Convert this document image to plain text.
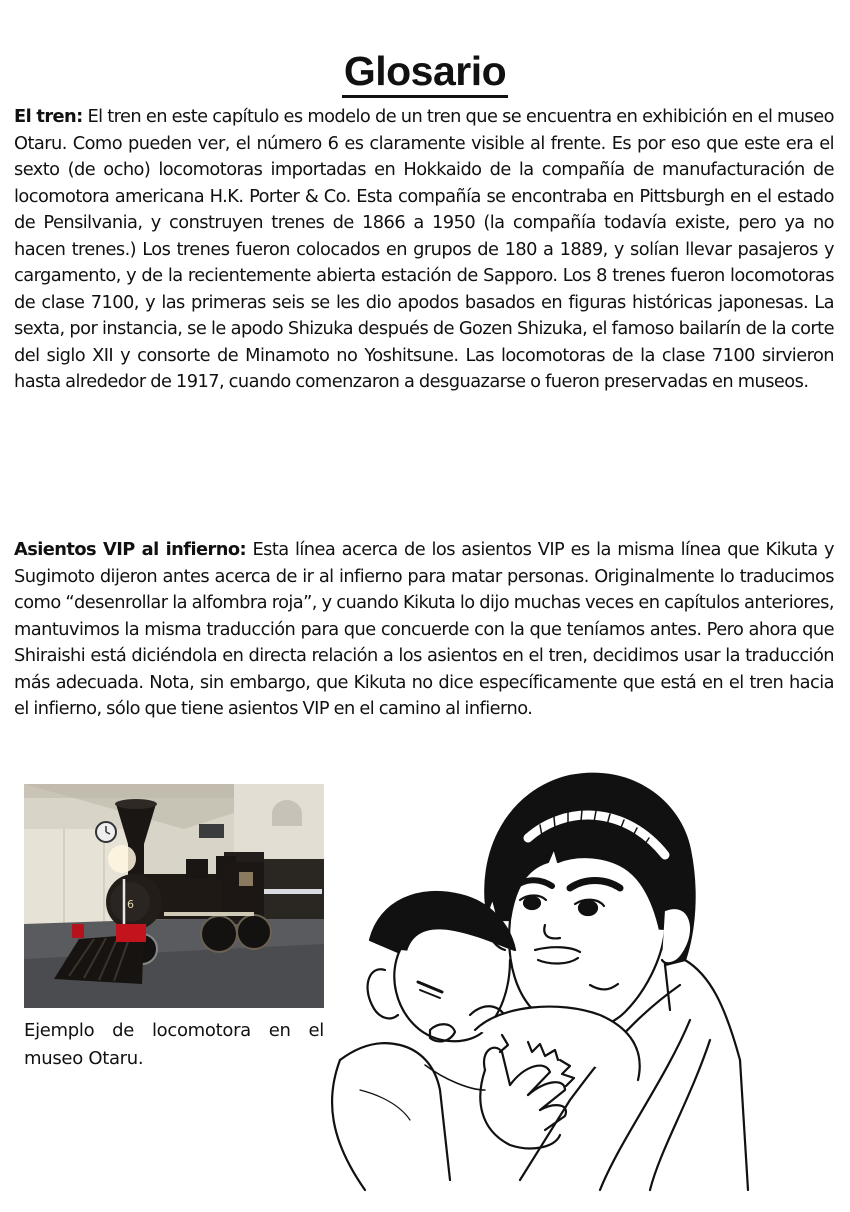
Glosario
El tren: El tren en este capítulo es modelo de un tren que se encuentra en exhibición en el museo Otaru. Como pueden ver, el número 6 es claramente visible al frente. Es por eso que este era el sexto (de ocho) locomotoras importadas en Hokkaido de la compañía de manufacturación de locomotora americana H.K. Porter & Co. Esta compañía se encontraba en Pittsburgh en el estado de Pensilvania, y construyen trenes de 1866 a 1950 (la compañía todavía existe, pero ya no hacen trenes.) Los trenes fueron colocados en grupos de 180 a 1889, y solían llevar pasajeros y cargamento, y de la recientemente abierta estación de Sapporo. Los 8 trenes fueron locomotoras de clase 7100, y las primeras seis se les dio apodos basados en figuras históricas japonesas. La sexta, por instancia, se le apodo Shizuka después de Gozen Shizuka, el famoso bailarín de la corte del siglo XII y consorte de Minamoto no Yoshitsune. Las locomotoras de la clase 7100 sirvieron hasta alrededor de 1917, cuando comenzaron a desguazarse o fueron preservadas en museos.
Asientos VIP al infierno: Esta línea acerca de los asientos VIP es la misma línea que Kikuta y Sugimoto dijeron antes acerca de ir al infierno para matar personas. Originalmente lo traducimos como “desenrollar la alfombra roja”, y cuando Kikuta lo dijo muchas veces en capítulos anteriores, mantuvimos la misma traducción para que concuerde con la que teníamos antes. Pero ahora que Shiraishi está diciéndola en directa relación a los asientos en el tren, decidimos usar la traducción más adecuada. Nota, sin embargo, que Kikuta no dice específicamente que está en el tren hacia el infierno, sólo que tiene asientos VIP en el camino al infierno.
6
Ejemplo de locomotora en el museo Otaru.
